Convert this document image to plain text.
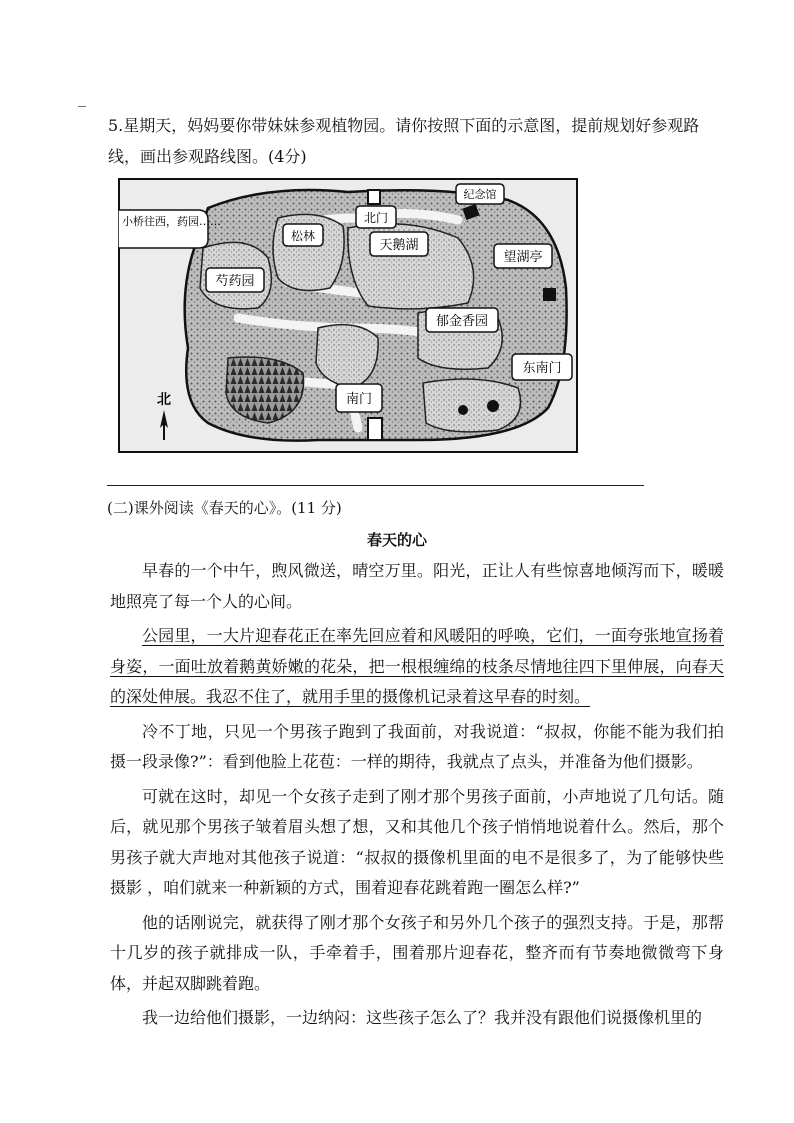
_
5.星期天，妈妈要你带妹妹参观植物园。请你按照下面的示意图，提前规划好参观路线，画出参观路线图。(4分)
小桥往西，药园……
松林
北门
纪念馆
芍药园
天鹅湖
望湖亭
郁金香园
东南门
南门
北
(二)课外阅读《春天的心》。(11 分)
春天的心

早春的一个中午，煦风微送，晴空万里。阳光，正让人有些惊喜地倾泻而下，暖暖地照亮了每一个人的心间。

公园里，一大片迎春花正在率先回应着和风暖阳的呼唤，它们，一面夸张地宣扬着身姿，一面吐放着鹅黄娇嫩的花朵，把一根根缠绵的枝条尽情地往四下里伸展，向春天的深处伸展。我忍不住了，就用手里的摄像机记录着这早春的时刻。

冷不丁地，只见一个男孩子跑到了我面前，对我说道：“叔叔，你能不能为我们拍摄一段录像?”：看到他脸上花苞：一样的期待，我就点了点头，并准备为他们摄影。

可就在这时，却见一个女孩子走到了刚才那个男孩子面前，小声地说了几句话。随后，就见那个男孩子皱着眉头想了想，又和其他几个孩子悄悄地说着什么。然后，那个男孩子就大声地对其他孩子说道：“叔叔的摄像机里面的电不是很多了，为了能够快些摄影 ，咱们就来一种新颖的方式，围着迎春花跳着跑一圈怎么样?”

他的话刚说完，就获得了刚才那个女孩子和另外几个孩子的强烈支持。于是，那帮十几岁的孩子就排成一队，手牵着手，围着那片迎春花，整齐而有节奏地微微弯下身体，并起双脚跳着跑。

我一边给他们摄影，一边纳闷：这些孩子怎么了？我并没有跟他们说摄像机里的
